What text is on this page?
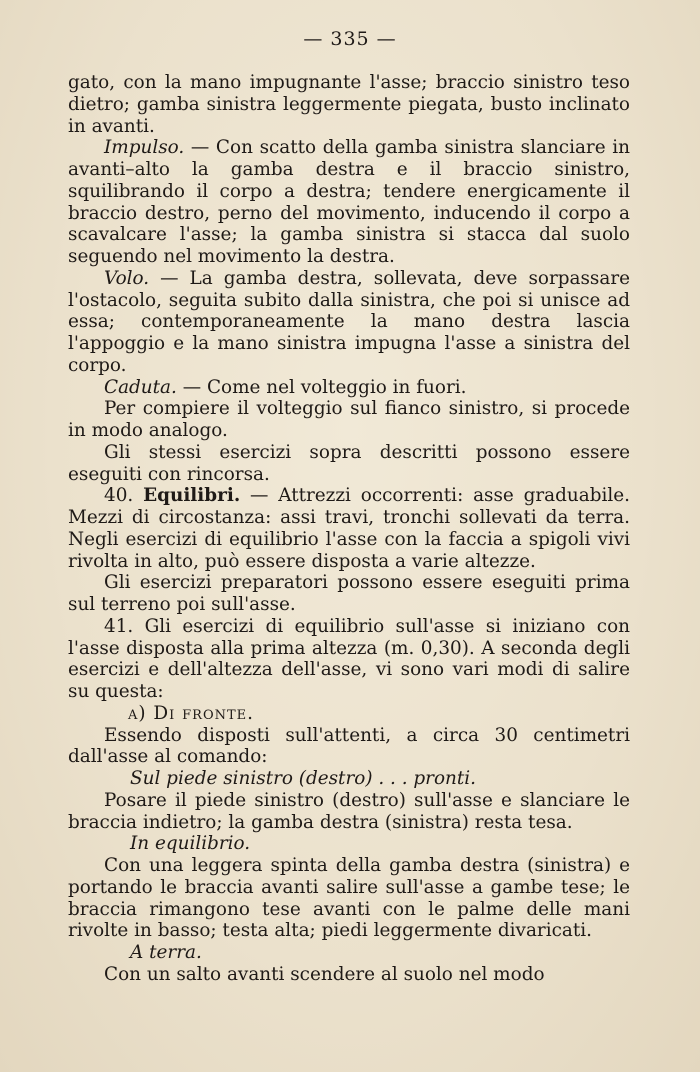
— 335 —

gato, con la mano impugnante l'asse; braccio sinistro teso dietro; gamba sinistra leggermente piegata, busto inclinato in avanti.

Impulso. — Con scatto della gamba sinistra slanciare in avanti–alto la gamba destra e il braccio sinistro, squilibrando il corpo a destra; tendere energicamente il braccio destro, perno del movimento, inducendo il corpo a scavalcare l'asse; la gamba sinistra si stacca dal suolo seguendo nel movimento la destra.

Volo. — La gamba destra, sollevata, deve sorpassare l'ostacolo, seguita subito dalla sinistra, che poi si unisce ad essa; contemporaneamente la mano destra lascia l'appoggio e la mano sinistra impugna l'asse a sinistra del corpo.

Caduta. — Come nel volteggio in fuori.

Per compiere il volteggio sul fianco sinistro, si procede in modo analogo.

Gli stessi esercizi sopra descritti possono essere eseguiti con rincorsa.

40. Equilibri. — Attrezzi occorrenti: asse graduabile. Mezzi di circostanza: assi travi, tronchi sollevati da terra. Negli esercizi di equilibrio l'asse con la faccia a spigoli vivi rivolta in alto, può essere disposta a varie altezze.

Gli esercizi preparatori possono essere eseguiti prima sul terreno poi sull'asse.

41. Gli esercizi di equilibrio sull'asse si iniziano con l'asse disposta alla prima altezza (m. 0,30). A seconda degli esercizi e dell'altezza dell'asse, vi sono vari modi di salire su questa:

a) Di fronte.

Essendo disposti sull'attenti, a circa 30 centimetri dall'asse al comando:

Sul piede sinistro (destro) . . . pronti.

Posare il piede sinistro (destro) sull'asse e slanciare le braccia indietro; la gamba destra (sinistra) resta tesa.

In equilibrio.

Con una leggera spinta della gamba destra (sinistra) e portando le braccia avanti salire sull'asse a gambe tese; le braccia rimangono tese avanti con le palme delle mani rivolte in basso; testa alta; piedi leggermente divaricati.

A terra.

Con un salto avanti scendere al suolo nel modo
